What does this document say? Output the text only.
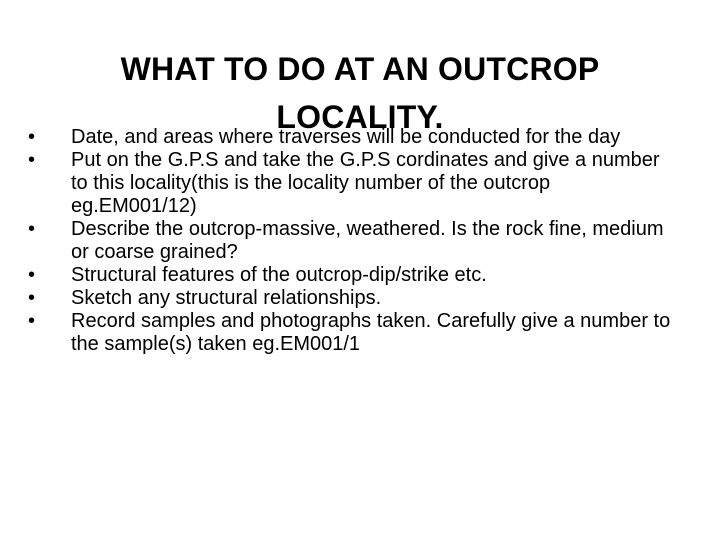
WHAT TO DO AT AN OUTCROP
LOCALITY.
•	Date, and areas where traverses will be conducted for the day
•	Put on the G.P.S and take the G.P.S cordinates and give a number to this locality(this is the locality number of the outcrop eg.EM001/12)
•	Describe the outcrop-massive, weathered. Is the rock fine, medium or coarse grained?
•	Structural features of the outcrop-dip/strike etc.
•	Sketch any structural relationships.
•	Record samples and photographs taken. Carefully give a number to the sample(s) taken eg.EM001/1
